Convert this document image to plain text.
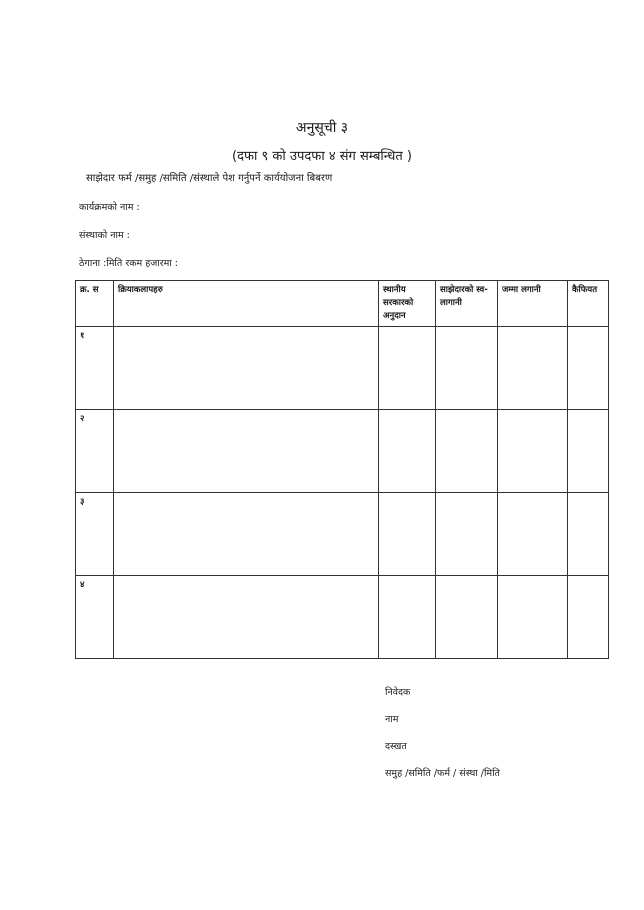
अनुसूची ३
(दफा ९ को उपदफा ४ संग सम्बन्धित )
साझेदार फर्म /समुह /समिति /संस्थाले पेश गर्नुपर्ने कार्ययोजना बिबरण
कार्यक्रमको नाम :
संस्थाको नाम :
ठेगाना :मिति रकम हजारमा :
क्र. स	क्रियाकलापहरु	स्थानीय सरकारको अनुदान	साझेदारको स्व-लागानी	जम्मा लगानी	कैफियत
१					
२					
३					
४					
निवेदक
नाम
दस्खत
समुह /समिति /फर्म / संस्था /मिति
